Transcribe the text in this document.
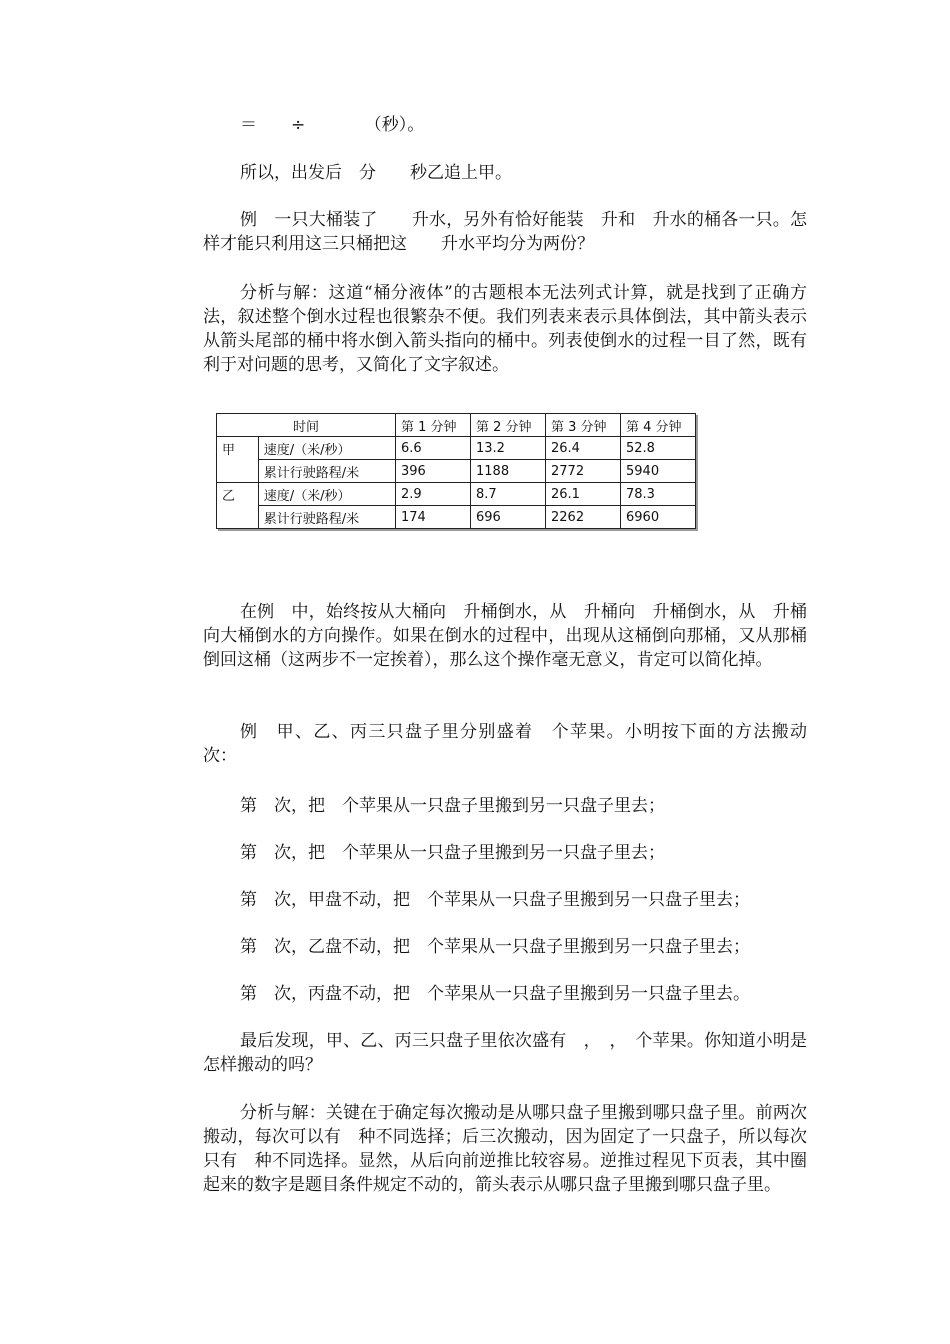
＝　　÷　　　　（秒）。

所以，出发后　分　　秒乙追上甲。

例　一只大桶装了　　升水，另外有恰好能装　升和　升水的桶各一只。怎样才能只利用这三只桶把这　　升水平均分为两份？

分析与解：这道“桶分液体”的古题根本无法列式计算，就是找到了正确方法，叙述整个倒水过程也很繁杂不便。我们列表来表示具体倒法，其中箭头表示从箭头尾部的桶中将水倒入箭头指向的桶中。列表使倒水的过程一目了然，既有利于对问题的思考，又简化了文字叙述。

时间		第 1 分钟	第 2 分钟	第 3 分钟	第 4 分钟
甲	速度/（米/秒）	6.6	13.2	26.4	52.8
	累计行驶路程/米	396	1188	2772	5940
乙	速度/（米/秒）	2.9	8.7	26.1	78.3
	累计行驶路程/米	174	696	2262	6960

在例　中，始终按从大桶向　升桶倒水，从　升桶向　升桶倒水，从　升桶向大桶倒水的方向操作。如果在倒水的过程中，出现从这桶倒向那桶，又从那桶倒回这桶（这两步不一定挨着），那么这个操作毫无意义，肯定可以简化掉。

例　甲、乙、丙三只盘子里分别盛着　个苹果。小明按下面的方法搬动　次：

第　次，把　个苹果从一只盘子里搬到另一只盘子里去；

第　次，把　个苹果从一只盘子里搬到另一只盘子里去；

第　次，甲盘不动，把　个苹果从一只盘子里搬到另一只盘子里去；

第　次，乙盘不动，把　个苹果从一只盘子里搬到另一只盘子里去；

第　次，丙盘不动，把　个苹果从一只盘子里搬到另一只盘子里去。

最后发现，甲、乙、丙三只盘子里依次盛有　，　，　个苹果。你知道小明是怎样搬动的吗？

分析与解：关键在于确定每次搬动是从哪只盘子里搬到哪只盘子里。前两次搬动，每次可以有　种不同选择；后三次搬动，因为固定了一只盘子，所以每次只有　种不同选择。显然，从后向前逆推比较容易。逆推过程见下页表，其中圈起来的数字是题目条件规定不动的，箭头表示从哪只盘子里搬到哪只盘子里。
